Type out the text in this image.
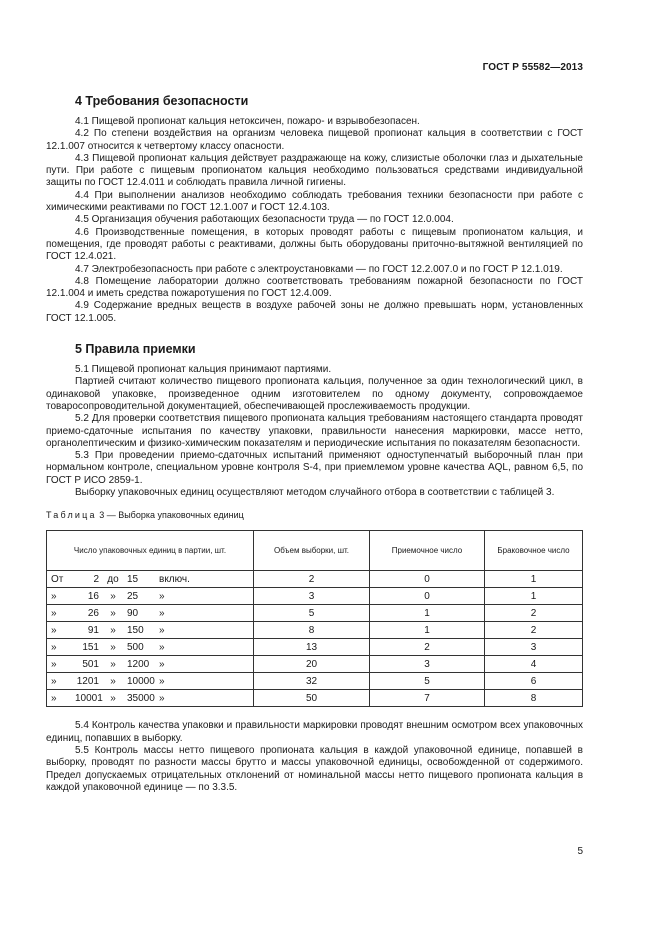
ГОСТ Р 55582—2013
4 Требования безопасности

4.1 Пищевой пропионат кальция нетоксичен, пожаро- и взрывобезопасен.

4.2 По степени воздействия на организм человека пищевой пропионат кальция в соответствии с ГОСТ 12.1.007 относится к четвертому классу опасности.

4.3 Пищевой пропионат кальция действует раздражающе на кожу, слизистые оболочки глаз и дыхательные пути. При работе с пищевым пропионатом кальция необходимо пользоваться средствами индивидуальной защиты по ГОСТ 12.4.011 и соблюдать правила личной гигиены.

4.4 При выполнении анализов необходимо соблюдать требования техники безопасности при работе с химическими реактивами по ГОСТ 12.1.007 и ГОСТ 12.4.103.

4.5 Организация обучения работающих безопасности труда — по ГОСТ 12.0.004.

4.6 Производственные помещения, в которых проводят работы с пищевым пропионатом кальция, и помещения, где проводят работы с реактивами, должны быть оборудованы приточно-вытяжной вентиляцией по ГОСТ 12.4.021.

4.7 Электробезопасность при работе с электроустановками — по ГОСТ 12.2.007.0 и по ГОСТ Р 12.1.019.

4.8 Помещение лаборатории должно соответствовать требованиям пожарной безопасности по ГОСТ 12.1.004 и иметь средства пожаротушения по ГОСТ 12.4.009.

4.9 Содержание вредных веществ в воздухе рабочей зоны не должно превышать норм, установленных ГОСТ 12.1.005.

5 Правила приемки

5.1 Пищевой пропионат кальция принимают партиями.

Партией считают количество пищевого пропионата кальция, полученное за один технологический цикл, в одинаковой упаковке, произведенное одним изготовителем по одному документу, сопровождаемое товаросопроводительной документацией, обеспечивающей прослеживаемость продукции.

5.2 Для проверки соответствия пищевого пропионата кальция требованиям настоящего стандарта проводят приемо-сдаточные испытания по качеству упаковки, правильности нанесения маркировки, массе нетто, органолептическим и физико-химическим показателям и периодические испытания по показателям безопасности.

5.3 При проведении приемо-сдаточных испытаний применяют одноступенчатый выборочный план при нормальном контроле, специальном уровне контроля S-4, при приемлемом уровне качества AQL, равном 6,5, по ГОСТ Р ИСО 2859-1.

Выборку упаковочных единиц осуществляют методом случайного отбора в соответствии с таблицей 3.

Таблица 3 — Выборка упаковочных единиц
Число упаковочных единиц в партии, шт.	Объем выборки, шт.	Приемочное число	Браковочное число

От 2 до 15 включ.	2	0	1

» 16 » 25 »	3	0	1

» 26 » 90 »	5	1	2

» 91 » 150 »	8	1	2

» 151 » 500 »	13	2	3

» 501 » 1200 »	20	3	4

» 1201 » 10000 »	32	5	6

» 10001 » 35000 »	50	7	8

5.4 Контроль качества упаковки и правильности маркировки проводят внешним осмотром всех упаковочных единиц, попавших в выборку.

5.5 Контроль массы нетто пищевого пропионата кальция в каждой упаковочной единице, попавшей в выборку, проводят по разности массы брутто и массы упаковочной единицы, освобожденной от содержимого. Предел допускаемых отрицательных отклонений от номинальной массы нетто пищевого пропионата кальция в каждой упаковочной единице — по 3.3.5.

5
